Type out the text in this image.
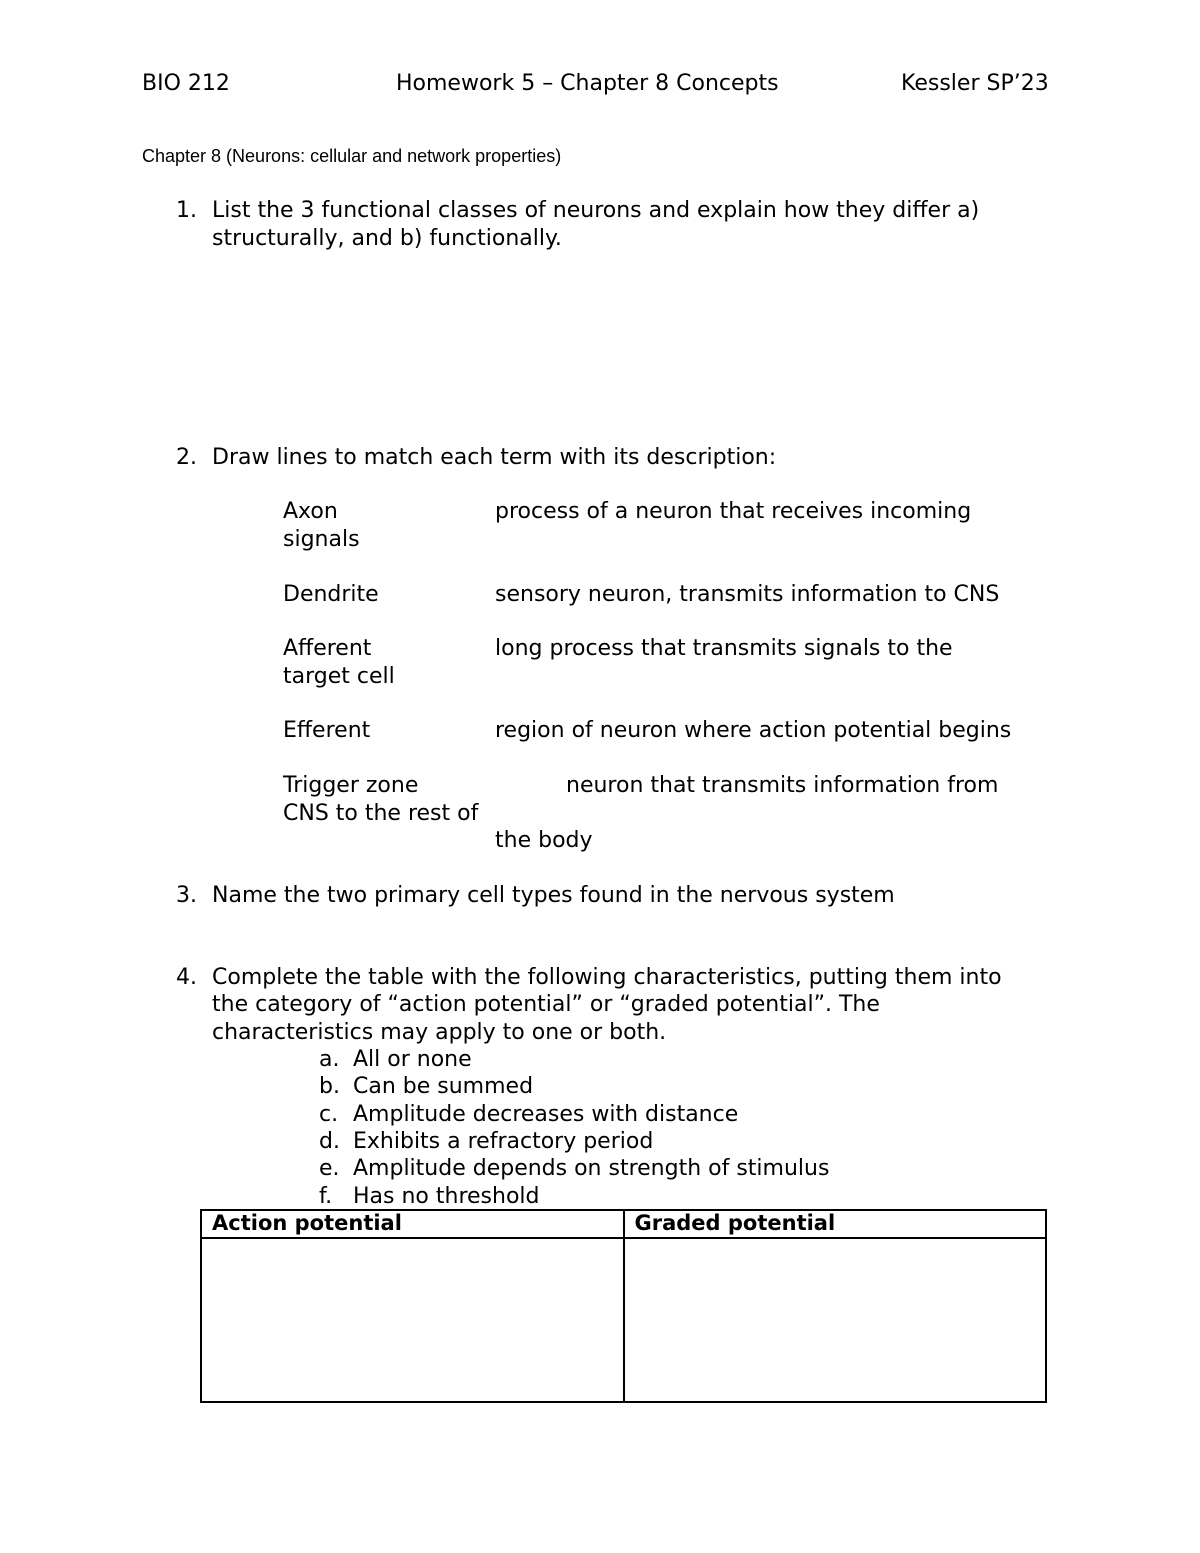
BIO 212	Homework 5 – Chapter 8 Concepts	Kessler SP’23
Chapter 8 (Neurons: cellular and network properties)
1. List the 3 functional classes of neurons and explain how they differ a)
structurally, and b) functionally.
2. Draw lines to match each term with its description:
Axon	process of a neuron that receives incoming
signals
Dendrite	sensory neuron, transmits information to CNS
Afferent	long process that transmits signals to the
target cell
Efferent	region of neuron where action potential begins
Trigger zone	neuron that transmits information from
CNS to the rest of
the body
3. Name the two primary cell types found in the nervous system
4. Complete the table with the following characteristics, putting them into
the category of “action potential” or “graded potential”. The
characteristics may apply to one or both.
a. All or none
b. Can be summed
c. Amplitude decreases with distance
d. Exhibits a refractory period
e. Amplitude depends on strength of stimulus
f. Has no threshold
Action potential	Graded potential
